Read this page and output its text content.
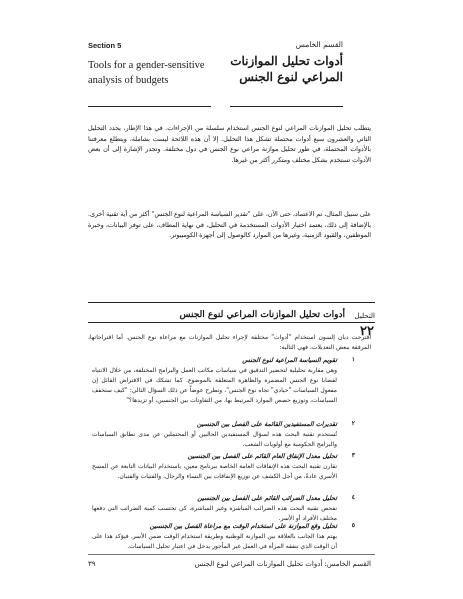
Section 5
Tools for a gender-sensitive analysis of budgets
القسم الخامس
أدوات تحليل الموازنات المراعي لنوع الجنس

يتطلب تحليل الموازنات المراعي لنوع الجنس استخدام سلسلة من الإجراءات. في هذا الإطار، يحدد التحليل الثاني والعشرون سبع أدوات محتملة تشكل هذا التحليل. إلا أن هذه اللائحة ليست بشاملة، ويتطلع معرفتنا بالأدوات المحتملة، في طور تحليل موازنة مراعي نوع الجنس في دول مختلفة. وتجدر الإشارة إلى أن بعض الأدوات تستخدم بشكل مختلف ومتكرر أكثر من غيرها.

على سبيل المثال، تم الاعتماد، حتى الآن، على "تقدير السياسة المراعية لنوع الجنس" أكثر من أية تقنية أخرى. بالإضافة إلى ذلك، يعتمد اختيار الأدوات المستخدمة في التحليل، في نهاية المطاف، على توفر البيانات، وخبرة الموظفين، والقيود الزمنية، وغيرها من الموارد كالوصول إلى أجهزة الكومبيوتر.

أدوات تحليل الموازنات المراعي لنوع الجنس التحليل
٢٢

اقترحت ديان إلسون استخدام "أدوات" مختلفة لإجراء تحليل الموازنات مع مراعاة نوع الجنس. أما اقتراحاتها، المرفقة ببعض التعديلات، فهي التالية:

١
تقويم السياسة المراعية لنوع الجنس
وهي مقاربة تحليلية لتحضير التدقيق في سياسات مكاتب العمل والبرامج المختلفة، من خلال الانتباه لقضايا نوع الجنس المضمرة والظاهرة المتعلقة بالموضوع. كما تشكك في الافتراض القائل إن مفعول السياسات "حيادي" تجاه نوع الجنس"، وتطرح عوضاً عن ذلك السؤال التالي: "كيف ستخفف السياسات، وتوزيع حصص الموارد المرتبط بها، من التفاوتات بين الجنسين، أو تزيدها؟"
٢
تقديرات المستفيدين القائمة على الفصل بين الجنسين
تُستخدم تقنية البحث هذه لسؤال المستفيدين الحاليين أو المحتملين عن مدى تطابق السياسات والبرامج الحكومية مع أولويات الشعب.
٣
تحليل معدل الإنفاق العام القائم على الفصل بين الجنسين
تقارن تقنية البحث هذه الإنفاقات العامة الخاصة ببرنامج معين، باستخدام البيانات التابعة عن المسح الأسري عادةً، من أجل الكشف عن توزيع الإنفاقات بين النساء والرجال، والفتيات والفتيان.
٤
تحليل معدل الضرائب القائم على الفصل بين الجنسين
تفحص تقنية البحث هذه الضرائب المباشرة وغير المباشرة، كي تحتسب كمية الضرائب التي دفعها مختلف الأفراد أو الأسر.
٥
تحليل وقع الموازنة على استخدام الوقت مع مراعاة الفصل بين الجنسين
يهتم هذا الجانب بالعلاقة بين الموازنة الوطنية وطريقة استخدام الوقت ضمن الأسر. فيؤكد هذا على أن الوقت الذي تنفقه المرأة في العمل غير المأجور يدخل في اعتبار تحليل السياسات.
القسم الخامس: أدوات تحليل الموازنات المراعي لنوع الجنس
٣٩
